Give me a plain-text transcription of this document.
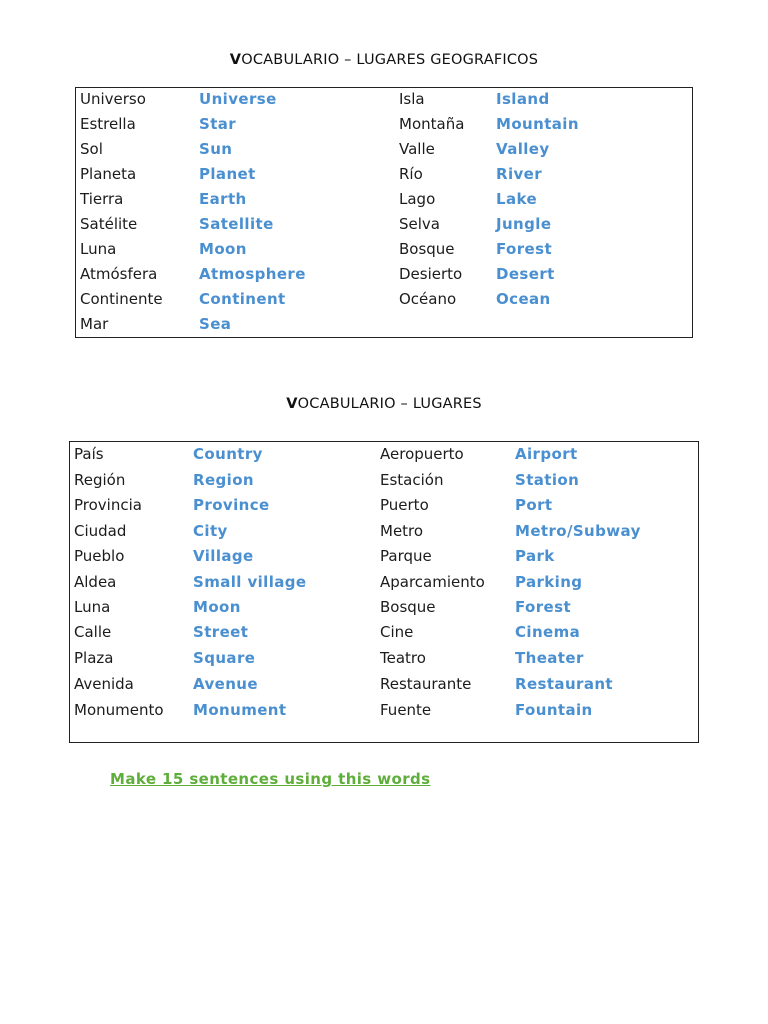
VOCABULARIO – LUGARES GEOGRAFICOS
Universo	Universe	Isla	Island
Estrella	Star	Montaña Mountain
Sol	Sun	Valle	Valley
Planeta	Planet	Río	River
Tierra	Earth	Lago	Lake
Satélite	Satellite	Selva	Jungle
Luna	Moon	Bosque	Forest
Atmósfera	Atmosphere	Desierto Desert
Continente Continent	Océano	Ocean
Mar	Sea
VOCABULARIO – LUGARES
País	Country	Aeropuerto	Airport
Región	Region	Estación	Station
Provincia	Province	Puerto	Port
Ciudad	City	Metro	Metro/Subway
Pueblo	Village	Parque	Park
Aldea	Small village	Aparcamiento Parking
Luna	Moon	Bosque	Forest
Calle	Street	Cine	Cinema
Plaza	Square	Teatro	Theater
Avenida	Avenue	Restaurante	Restaurant
Monumento Monument	Fuente	Fountain
Make 15 sentences using this words
